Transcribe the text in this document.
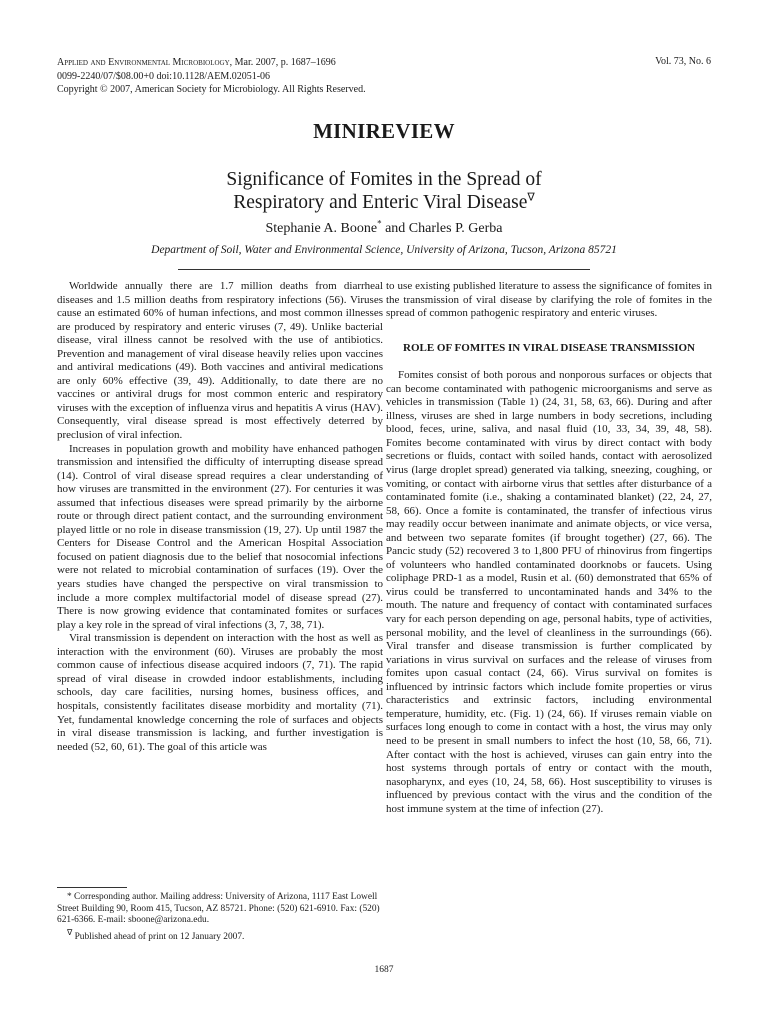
Applied and Environmental Microbiology, Mar. 2007, p. 1687–1696
0099-2240/07/$08.00+0 doi:10.1128/AEM.02051-06
Copyright © 2007, American Society for Microbiology. All Rights Reserved.
Vol. 73, No. 6
MINIREVIEW
Significance of Fomites in the Spread of
Respiratory and Enteric Viral Disease∇
Stephanie A. Boone* and Charles P. Gerba
Department of Soil, Water and Environmental Science, University of Arizona, Tucson, Arizona 85721

Worldwide annually there are 1.7 million deaths from diarrheal diseases and 1.5 million deaths from respiratory infections (56). Viruses cause an estimated 60% of human infections, and most common illnesses are produced by respiratory and enteric viruses (7, 49). Unlike bacterial disease, viral illness cannot be resolved with the use of antibiotics. Prevention and management of viral disease heavily relies upon vaccines and antiviral medications (49). Both vaccines and antiviral medications are only 60% effective (39, 49). Additionally, to date there are no vaccines or antiviral drugs for most common enteric and respiratory viruses with the exception of influenza virus and hepatitis A virus (HAV). Consequently, viral disease spread is most effectively deterred by preclusion of viral infection.

Increases in population growth and mobility have enhanced pathogen transmission and intensified the difficulty of interrupting disease spread (14). Control of viral disease spread requires a clear understanding of how viruses are transmitted in the environment (27). For centuries it was assumed that infectious diseases were spread primarily by the airborne route or through direct patient contact, and the surrounding environment played little or no role in disease transmission (19, 27). Up until 1987 the Centers for Disease Control and the American Hospital Association focused on patient diagnosis due to the belief that nosocomial infections were not related to microbial contamination of surfaces (19). Over the years studies have changed the perspective on viral transmission to include a more complex multifactorial model of disease spread (27). There is now growing evidence that contaminated fomites or surfaces play a key role in the spread of viral infections (3, 7, 38, 71).

Viral transmission is dependent on interaction with the host as well as interaction with the environment (60). Viruses are probably the most common cause of infectious disease acquired indoors (7, 71). The rapid spread of viral disease in crowded indoor establishments, including schools, day care facilities, nursing homes, business offices, and hospitals, consistently facilitates disease morbidity and mortality (71). Yet, fundamental knowledge concerning the role of surfaces and objects in viral disease transmission is lacking, and further investigation is needed (52, 60, 61). The goal of this article was

to use existing published literature to assess the significance of fomites in the transmission of viral disease by clarifying the role of fomites in the spread of common pathogenic respiratory and enteric viruses.

ROLE OF FOMITES IN VIRAL DISEASE TRANSMISSION

Fomites consist of both porous and nonporous surfaces or objects that can become contaminated with pathogenic microorganisms and serve as vehicles in transmission (Table 1) (24, 31, 58, 63, 66). During and after illness, viruses are shed in large numbers in body secretions, including blood, feces, urine, saliva, and nasal fluid (10, 33, 34, 39, 48, 58). Fomites become contaminated with virus by direct contact with body secretions or fluids, contact with soiled hands, contact with aerosolized virus (large droplet spread) generated via talking, sneezing, coughing, or vomiting, or contact with airborne virus that settles after disturbance of a contaminated fomite (i.e., shaking a contaminated blanket) (22, 24, 27, 58, 66). Once a fomite is contaminated, the transfer of infectious virus may readily occur between inanimate and animate objects, or vice versa, and between two separate fomites (if brought together) (27, 66). The Pancic study (52) recovered 3 to 1,800 PFU of rhinovirus from fingertips of volunteers who handled contaminated doorknobs or faucets. Using coliphage PRD-1 as a model, Rusin et al. (60) demonstrated that 65% of virus could be transferred to uncontaminated hands and 34% to the mouth. The nature and frequency of contact with contaminated surfaces vary for each person depending on age, personal habits, type of activities, personal mobility, and the level of cleanliness in the surroundings (66). Viral transfer and disease transmission is further complicated by variations in virus survival on surfaces and the release of viruses from fomites upon casual contact (24, 66). Virus survival on fomites is influenced by intrinsic factors which include fomite properties or virus characteristics and extrinsic factors, including environmental temperature, humidity, etc. (Fig. 1) (24, 66). If viruses remain viable on surfaces long enough to come in contact with a host, the virus may only need to be present in small numbers to infect the host (10, 58, 66, 71). After contact with the host is achieved, viruses can gain entry into the host systems through portals of entry or contact with the mouth, nasopharynx, and eyes (10, 24, 58, 66). Host susceptibility to viruses is influenced by previous contact with the virus and the condition of the host immune system at the time of infection (27).

* Corresponding author. Mailing address: University of Arizona, 1117 East Lowell Street Building 90, Room 415, Tucson, AZ 85721. Phone: (520) 621-6910. Fax: (520) 621-6366. E-mail: sboone@arizona.edu.

∇ Published ahead of print on 12 January 2007.

1687
